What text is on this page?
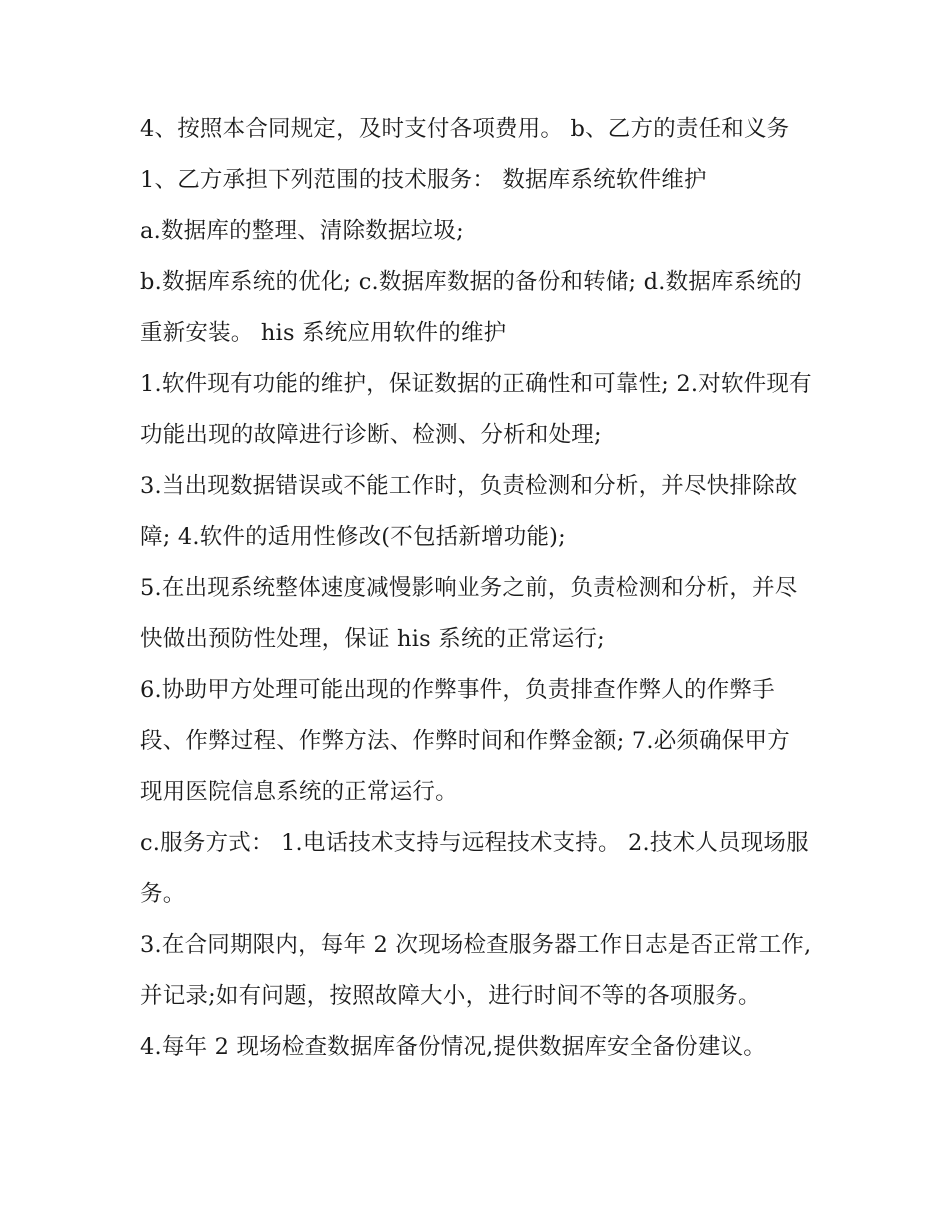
4、按照本合同规定，及时支付各项费用。 b、乙方的责任和义务 1、乙方承担下列范围的技术服务： 数据库系统软件维护

a.数据库的整理、清除数据垃圾;

b.数据库系统的优化; c.数据库数据的备份和转储; d.数据库系统的重新安装。 his 系统应用软件的维护

1.软件现有功能的维护，保证数据的正确性和可靠性; 2.对软件现有功能出现的故障进行诊断、检测、分析和处理;

3.当出现数据错误或不能工作时，负责检测和分析，并尽快排除故障; 4.软件的适用性修改(不包括新增功能);

5.在出现系统整体速度减慢影响业务之前，负责检测和分析，并尽快做出预防性处理，保证 his 系统的正常运行;

6.协助甲方处理可能出现的作弊事件，负责排查作弊人的作弊手段、作弊过程、作弊方法、作弊时间和作弊金额; 7.必须确保甲方现用医院信息系统的正常运行。

c.服务方式： 1.电话技术支持与远程技术支持。 2.技术人员现场服务。

3.在合同期限内，每年 2 次现场检查服务器工作日志是否正常工作,并记录;如有问题，按照故障大小，进行时间不等的各项服务。

4.每年 2 现场检查数据库备份情况,提供数据库安全备份建议。
